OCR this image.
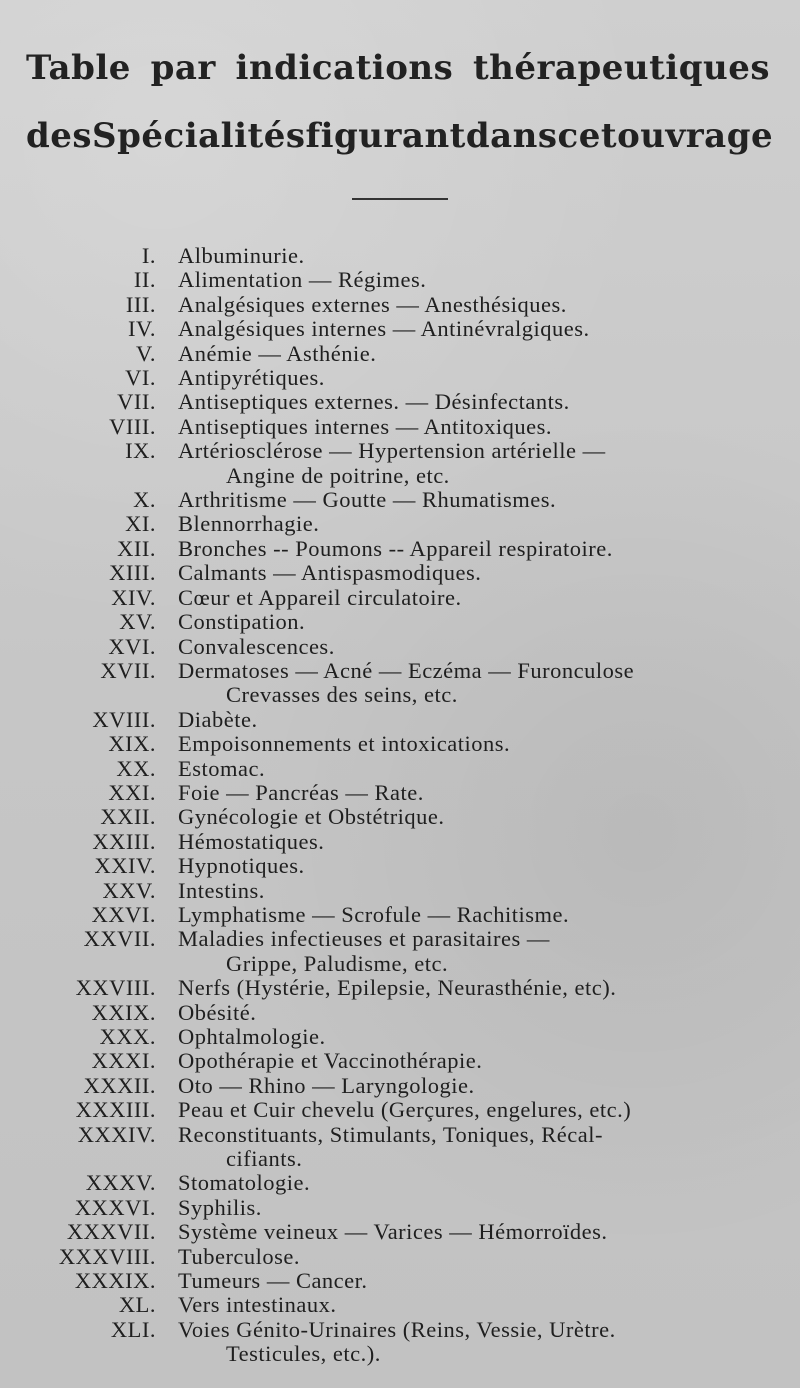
Table par indications thérapeutiques
des Spécialités figurant dans cet ouvrage
I. Albuminurie.
II. Alimentation — Régimes.
III. Analgésiques externes — Anesthésiques.
IV. Analgésiques internes — Antinévralgiques.
V. Anémie — Asthénie.
VI. Antipyrétiques.
VII. Antiseptiques externes. — Désinfectants.
VIII. Antiseptiques internes — Antitoxiques.
IX. Artériosclérose — Hypertension artérielle —
Angine de poitrine, etc.
X. Arthritisme — Goutte — Rhumatismes.
XI. Blennorrhagie.
XII. Bronches -- Poumons -- Appareil respiratoire.
XIII. Calmants — Antispasmodiques.
XIV. Cœur et Appareil circulatoire.
XV. Constipation.
XVI. Convalescences.
XVII. Dermatoses — Acné — Eczéma — Furonculose
Crevasses des seins, etc.
XVIII. Diabète.
XIX. Empoisonnements et intoxications.
XX. Estomac.
XXI. Foie — Pancréas — Rate.
XXII. Gynécologie et Obstétrique.
XXIII. Hémostatiques.
XXIV. Hypnotiques.
XXV. Intestins.
XXVI. Lymphatisme — Scrofule — Rachitisme.
XXVII. Maladies infectieuses et parasitaires —
Grippe, Paludisme, etc.
XXVIII. Nerfs (Hystérie, Epilepsie, Neurasthénie, etc).
XXIX. Obésité.
XXX. Ophtalmologie.
XXXI. Opothérapie et Vaccinothérapie.
XXXII. Oto — Rhino — Laryngologie.
XXXIII. Peau et Cuir chevelu (Gerçures, engelures, etc.)
XXXIV. Reconstituants, Stimulants, Toniques, Récal-
cifiants.
XXXV. Stomatologie.
XXXVI. Syphilis.
XXXVII. Système veineux — Varices — Hémorroïdes.
XXXVIII. Tuberculose.
XXXIX. Tumeurs — Cancer.
XL. Vers intestinaux.
XLI. Voies Génito-Urinaires (Reins, Vessie, Urètre.
Testicules, etc.).
